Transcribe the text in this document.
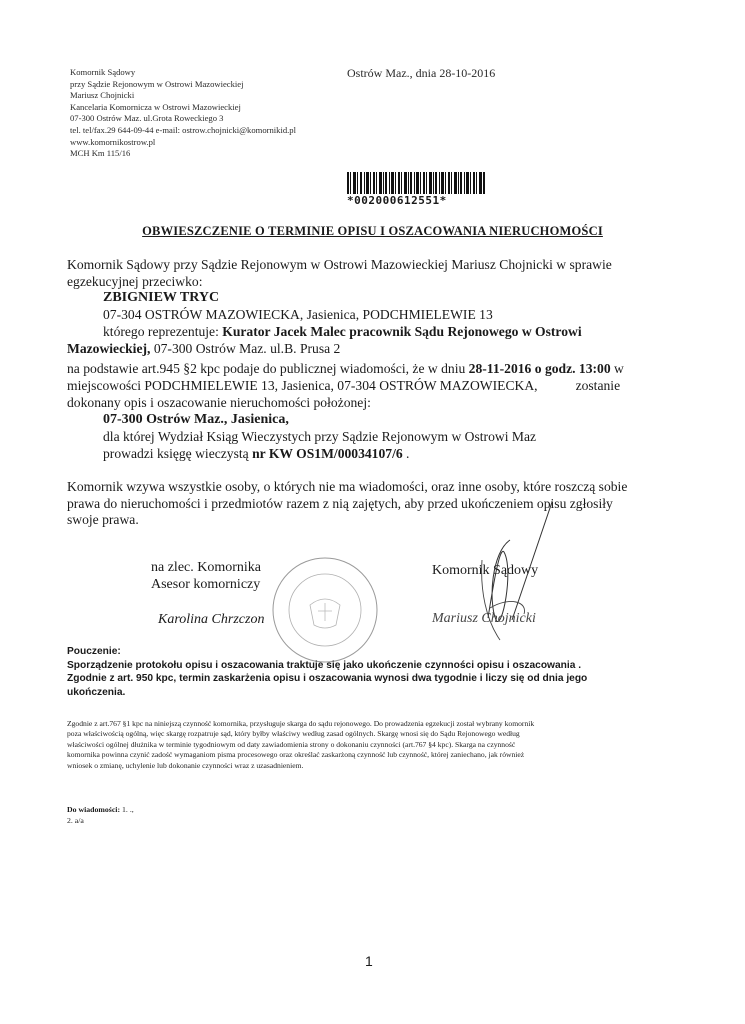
Komornik Sądowy
przy Sądzie Rejonowym w Ostrowi Mazowieckiej
Mariusz Chojnicki
Kancelaria Komornicza w Ostrowi Mazowieckiej
07-300 Ostrów Maz. ul.Grota Roweckiego 3
tel. tel/fax.29 644-09-44 e-mail: ostrow.chojnicki@komornikid.pl
www.komornikostrow.pl
MCH Km 115/16
Ostrów Maz., dnia 28-10-2016
*002000612551*
OBWIESZCZENIE O TERMINIE OPISU I OSZACOWANIA NIERUCHOMOŚCI
Komornik Sądowy przy Sądzie Rejonowym w Ostrowi Mazowieckiej Mariusz Chojnicki w sprawie
egzekucyjnej przeciwko:
ZBIGNIEW TRYC
07-304 OSTRÓW MAZOWIECKA, Jasienica, PODCHMIELEWIE 13
którego reprezentuje: Kurator Jacek Malec pracownik Sądu Rejonowego w Ostrowi
Mazowieckiej, 07-300 Ostrów Maz. ul.B. Prusa 2
na podstawie art.945 §2 kpc podaje do publicznej wiadomości, że w dniu 28-11-2016 o godz. 13:00 w
miejscowości PODCHMIELEWIE 13, Jasienica, 07-304 OSTRÓW MAZOWIECKA,	zostanie
dokonany opis i oszacowanie nieruchomości położonej:
07-300 Ostrów Maz., Jasienica,
dla której Wydział Ksiąg Wieczystych przy Sądzie Rejonowym w Ostrowi Maz
prowadzi księgę wieczystą nr KW OS1M/00034107/6 .
Komornik wzywa wszystkie osoby, o których nie ma wiadomości, oraz inne osoby, które roszczą sobie
prawa do nieruchomości i przedmiotów razem z nią zajętych, aby przed ukończeniem opisu zgłosiły
swoje prawa.
na zlec. Komornika
Asesor komorniczy
Karolina Chrzczon
Komornik Sądowy
Mariusz Chojnicki
Pouczenie:
Sporządzenie protokołu opisu i oszacowania traktuje się jako ukończenie czynności opisu i oszacowania .
Zgodnie z art. 950 kpc, termin zaskarżenia opisu i oszacowania wynosi dwa tygodnie i liczy się od dnia jego
ukończenia.
Zgodnie z art.767 §1 kpc na niniejszą czynność komornika, przysługuje skarga do sądu rejonowego. Do prowadzenia egzekucji został wybrany komornik
poza właściwością ogólną, więc skargę rozpatruje sąd, który byłby właściwy według zasad ogólnych. Skargę wnosi się do Sądu Rejonowego według
właściwości ogólnej dłużnika w terminie tygodniowym od daty zawiadomienia strony o dokonaniu czynności (art.767 §4 kpc). Skarga na czynność
komornika powinna czynić zadość wymaganiom pisma procesowego oraz określać zaskarżoną czynność lub czynność, której zaniechano, jak również
wniosek o zmianę, uchylenie lub dokonanie czynności wraz z uzasadnieniem.
Do wiadomości: 1. .,
2. a/a
1
